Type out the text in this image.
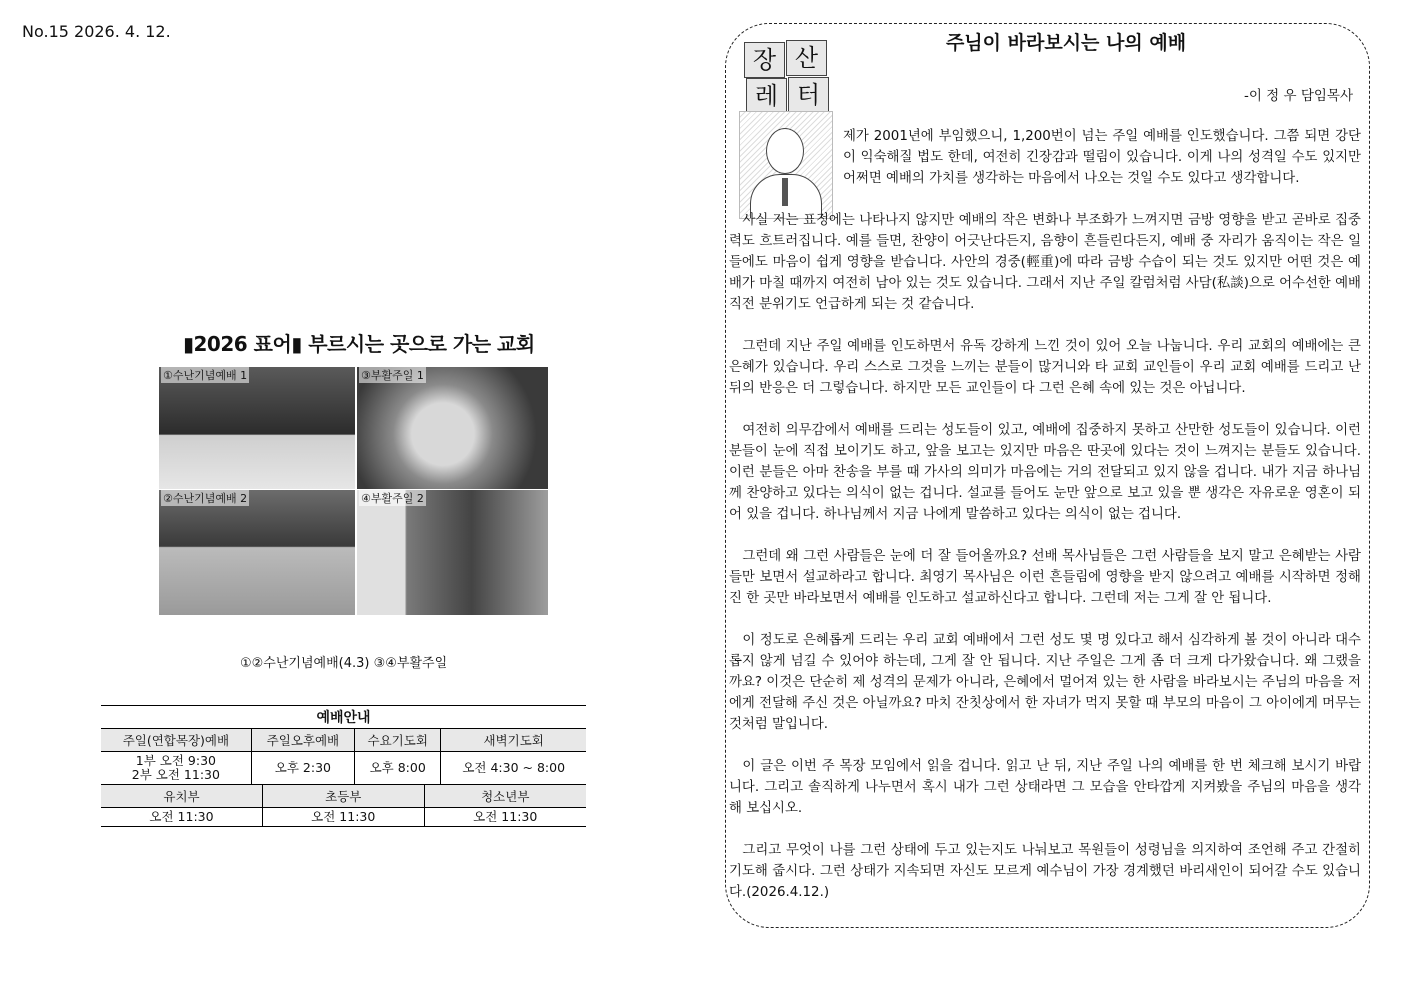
No.15 2026. 4. 12.
▮2026 표어▮ 부르시는 곳으로 가는 교회
①수난기념예배 1	③부활주일 1
②수난기념예배 2	④부활주일 2
①②수난기념예배(4.3) ③④부활주일
예배안내
주일(연합목장)예배	주일오후예배	수요기도회	새벽기도회

1부 오전 9:30
2부 오전 11:30	오후 2:30	오후 8:00	오전 4:30 ~ 8:00
유치부	초등부	청소년부
오전 11:30	오전 11:30	오전 11:30
장 산
레 터
주님이 바라보시는 나의 예배
-이 정 우 담임목사

제가 2001년에 부임했으니, 1,200번이 넘는 주일 예배를 인도했습니다. 그쯤 되면 강단이 익숙해질 법도 한데, 여전히 긴장감과 떨림이 있습니다. 이게 나의 성격일 수도 있지만 어쩌면 예배의 가치를 생각하는 마음에서 나오는 것일 수도 있다고 생각합니다.

사실 저는 표정에는 나타나지 않지만 예배의 작은 변화나 부조화가 느껴지면 금방 영향을 받고 곧바로 집중력도 흐트러집니다. 예를 들면, 찬양이 어긋난다든지, 음향이 흔들린다든지, 예배 중 자리가 움직이는 작은 일들에도 마음이 쉽게 영향을 받습니다. 사안의 경중(輕重)에 따라 금방 수습이 되는 것도 있지만 어떤 것은 예배가 마칠 때까지 여전히 남아 있는 것도 있습니다. 그래서 지난 주일 칼럼처럼 사담(私談)으로 어수선한 예배 직전 분위기도 언급하게 되는 것 같습니다.

그런데 지난 주일 예배를 인도하면서 유독 강하게 느낀 것이 있어 오늘 나눕니다. 우리 교회의 예배에는 큰 은혜가 있습니다. 우리 스스로 그것을 느끼는 분들이 많거니와 타 교회 교인들이 우리 교회 예배를 드리고 난 뒤의 반응은 더 그렇습니다. 하지만 모든 교인들이 다 그런 은혜 속에 있는 것은 아닙니다.

여전히 의무감에서 예배를 드리는 성도들이 있고, 예배에 집중하지 못하고 산만한 성도들이 있습니다. 이런 분들이 눈에 직접 보이기도 하고, 앞을 보고는 있지만 마음은 딴곳에 있다는 것이 느껴지는 분들도 있습니다. 이런 분들은 아마 찬송을 부를 때 가사의 의미가 마음에는 거의 전달되고 있지 않을 겁니다. 내가 지금 하나님께 찬양하고 있다는 의식이 없는 겁니다. 설교를 들어도 눈만 앞으로 보고 있을 뿐 생각은 자유로운 영혼이 되어 있을 겁니다. 하나님께서 지금 나에게 말씀하고 있다는 의식이 없는 겁니다.

그런데 왜 그런 사람들은 눈에 더 잘 들어올까요? 선배 목사님들은 그런 사람들을 보지 말고 은혜받는 사람들만 보면서 설교하라고 합니다. 최영기 목사님은 이런 흔들림에 영향을 받지 않으려고 예배를 시작하면 정해진 한 곳만 바라보면서 예배를 인도하고 설교하신다고 합니다. 그런데 저는 그게 잘 안 됩니다.

이 정도로 은혜롭게 드리는 우리 교회 예배에서 그런 성도 몇 명 있다고 해서 심각하게 볼 것이 아니라 대수롭지 않게 넘길 수 있어야 하는데, 그게 잘 안 됩니다. 지난 주일은 그게 좀 더 크게 다가왔습니다. 왜 그랬을까요? 이것은 단순히 제 성격의 문제가 아니라, 은혜에서 멀어져 있는 한 사람을 바라보시는 주님의 마음을 저에게 전달해 주신 것은 아닐까요? 마치 잔칫상에서 한 자녀가 먹지 못할 때 부모의 마음이 그 아이에게 머무는 것처럼 말입니다.

이 글은 이번 주 목장 모임에서 읽을 겁니다. 읽고 난 뒤, 지난 주일 나의 예배를 한 번 체크해 보시기 바랍니다. 그리고 솔직하게 나누면서 혹시 내가 그런 상태라면 그 모습을 안타깝게 지켜봤을 주님의 마음을 생각해 보십시오.

그리고 무엇이 나를 그런 상태에 두고 있는지도 나눠보고 목원들이 성령님을 의지하여 조언해 주고 간절히 기도해 줍시다. 그런 상태가 지속되면 자신도 모르게 예수님이 가장 경계했던 바리새인이 되어갈 수도 있습니다.(2026.4.12.)
